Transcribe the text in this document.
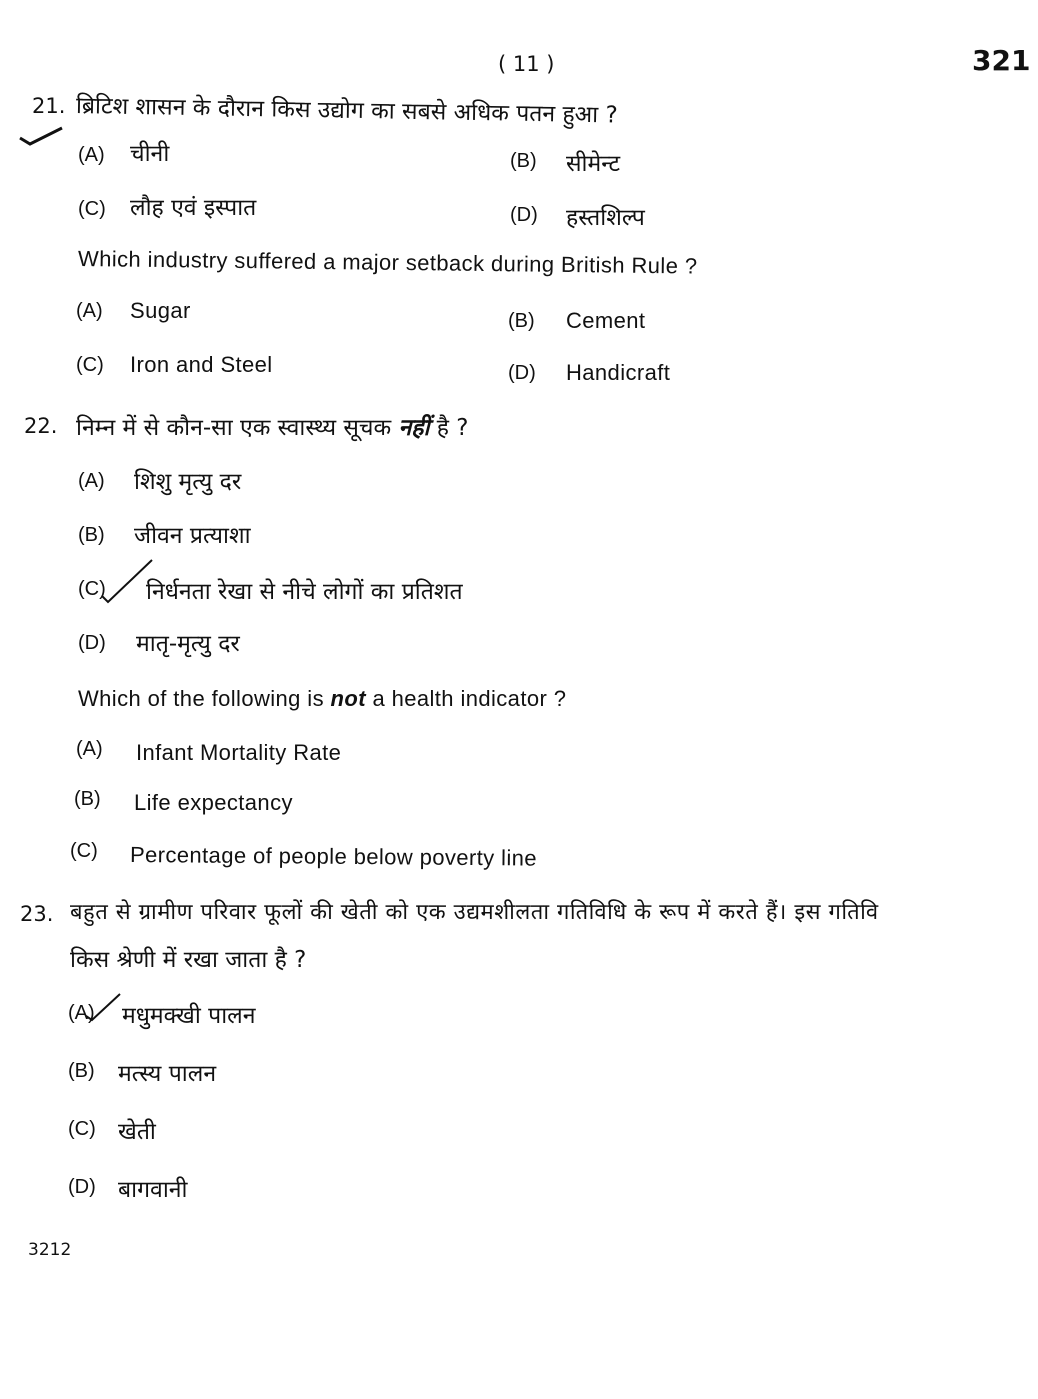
( 11 )	321
21. ब्रिटिश शासन के दौरान किस उद्योग का सबसे अधिक पतन हुआ ?
(A) चीनी	(B) सीमेन्ट
(C) लौह एवं इस्पात	(D) हस्तशिल्प
Which industry suffered a major setback during British Rule ?
(A) Sugar	(B) Cement
(C) Iron and Steel	(D) Handicraft
22. निम्न में से कौन-सा एक स्वास्थ्य सूचक नहीं है ?
(A) शिशु मृत्यु दर
(B) जीवन प्रत्याशा
(C) निर्धनता रेखा से नीचे लोगों का प्रतिशत
(D) मातृ-मृत्यु दर
Which of the following is not a health indicator ?
(A) Infant Mortality Rate
(B) Life expectancy
(C) Percentage of people below poverty line
23. बहुत से ग्रामीण परिवार फूलों की खेती को एक उद्यमशीलता गतिविधि के रूप में करते हैं। इस गतिवि
किस श्रेणी में रखा जाता है ?
(A) मधुमक्खी पालन
(B) मत्स्य पालन
(C) खेती
(D) बागवानी
3212
